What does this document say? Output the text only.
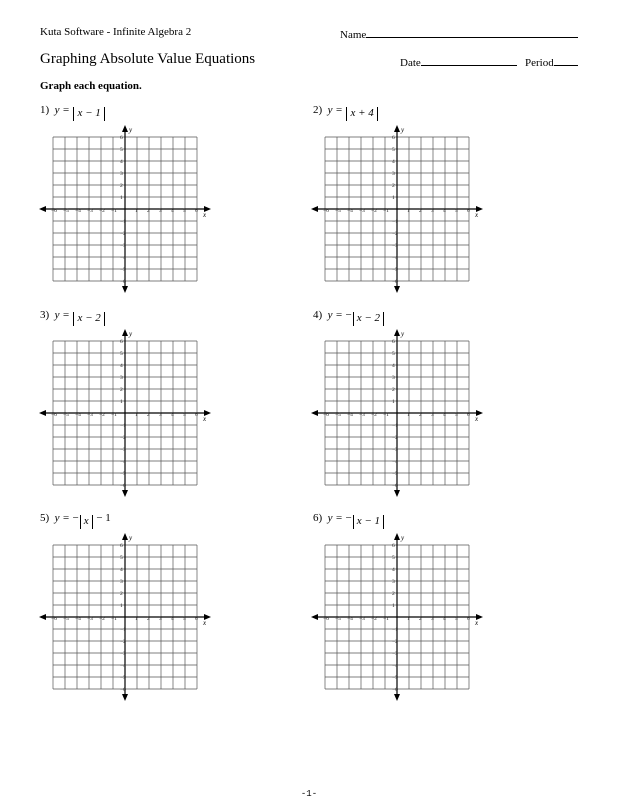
Kuta Software - Infinite Algebra 2	Name
Graphing Absolute Value Equations	Date	Period
Graph each equation.
1)  y = x − 1	2)  y = x + 4
3)  y = x − 2	4)  y = − x − 2
5)  y = − x − 1	6)  y = − x − 1
-1-
−6 −5 −4 −3 −2 −1	1 2 3 4 5 6
6
5
4
3
2
1
−1
−2
−3
−4
−5
−6
x
y
−6 −5 −4 −3 −2 −1	1 2 3 4 5 6
6
5
4
3
2
1
−1
−2
−3
−4
−5
−6
x
y
−6 −5 −4 −3 −2 −1	1 2 3 4 5 6
6
5
4
3
2
1
−1
−2
−3
−4
−5
−6
x
y
−6 −5 −4 −3 −2 −1	1 2 3 4 5 6
6
5
4
3
2
1
−1
−2
−3
−4
−5
−6
x
y
−6 −5 −4 −3 −2 −1	1 2 3 4 5 6
6
5
4
3
2
1
−1
−2
−3
−4
−5
−6
x
y
−6 −5 −4 −3 −2 −1	1 2 3 4 5 6
6
5
4
3
2
1
−1
−2
−3
−4
−5
−6
x
y
